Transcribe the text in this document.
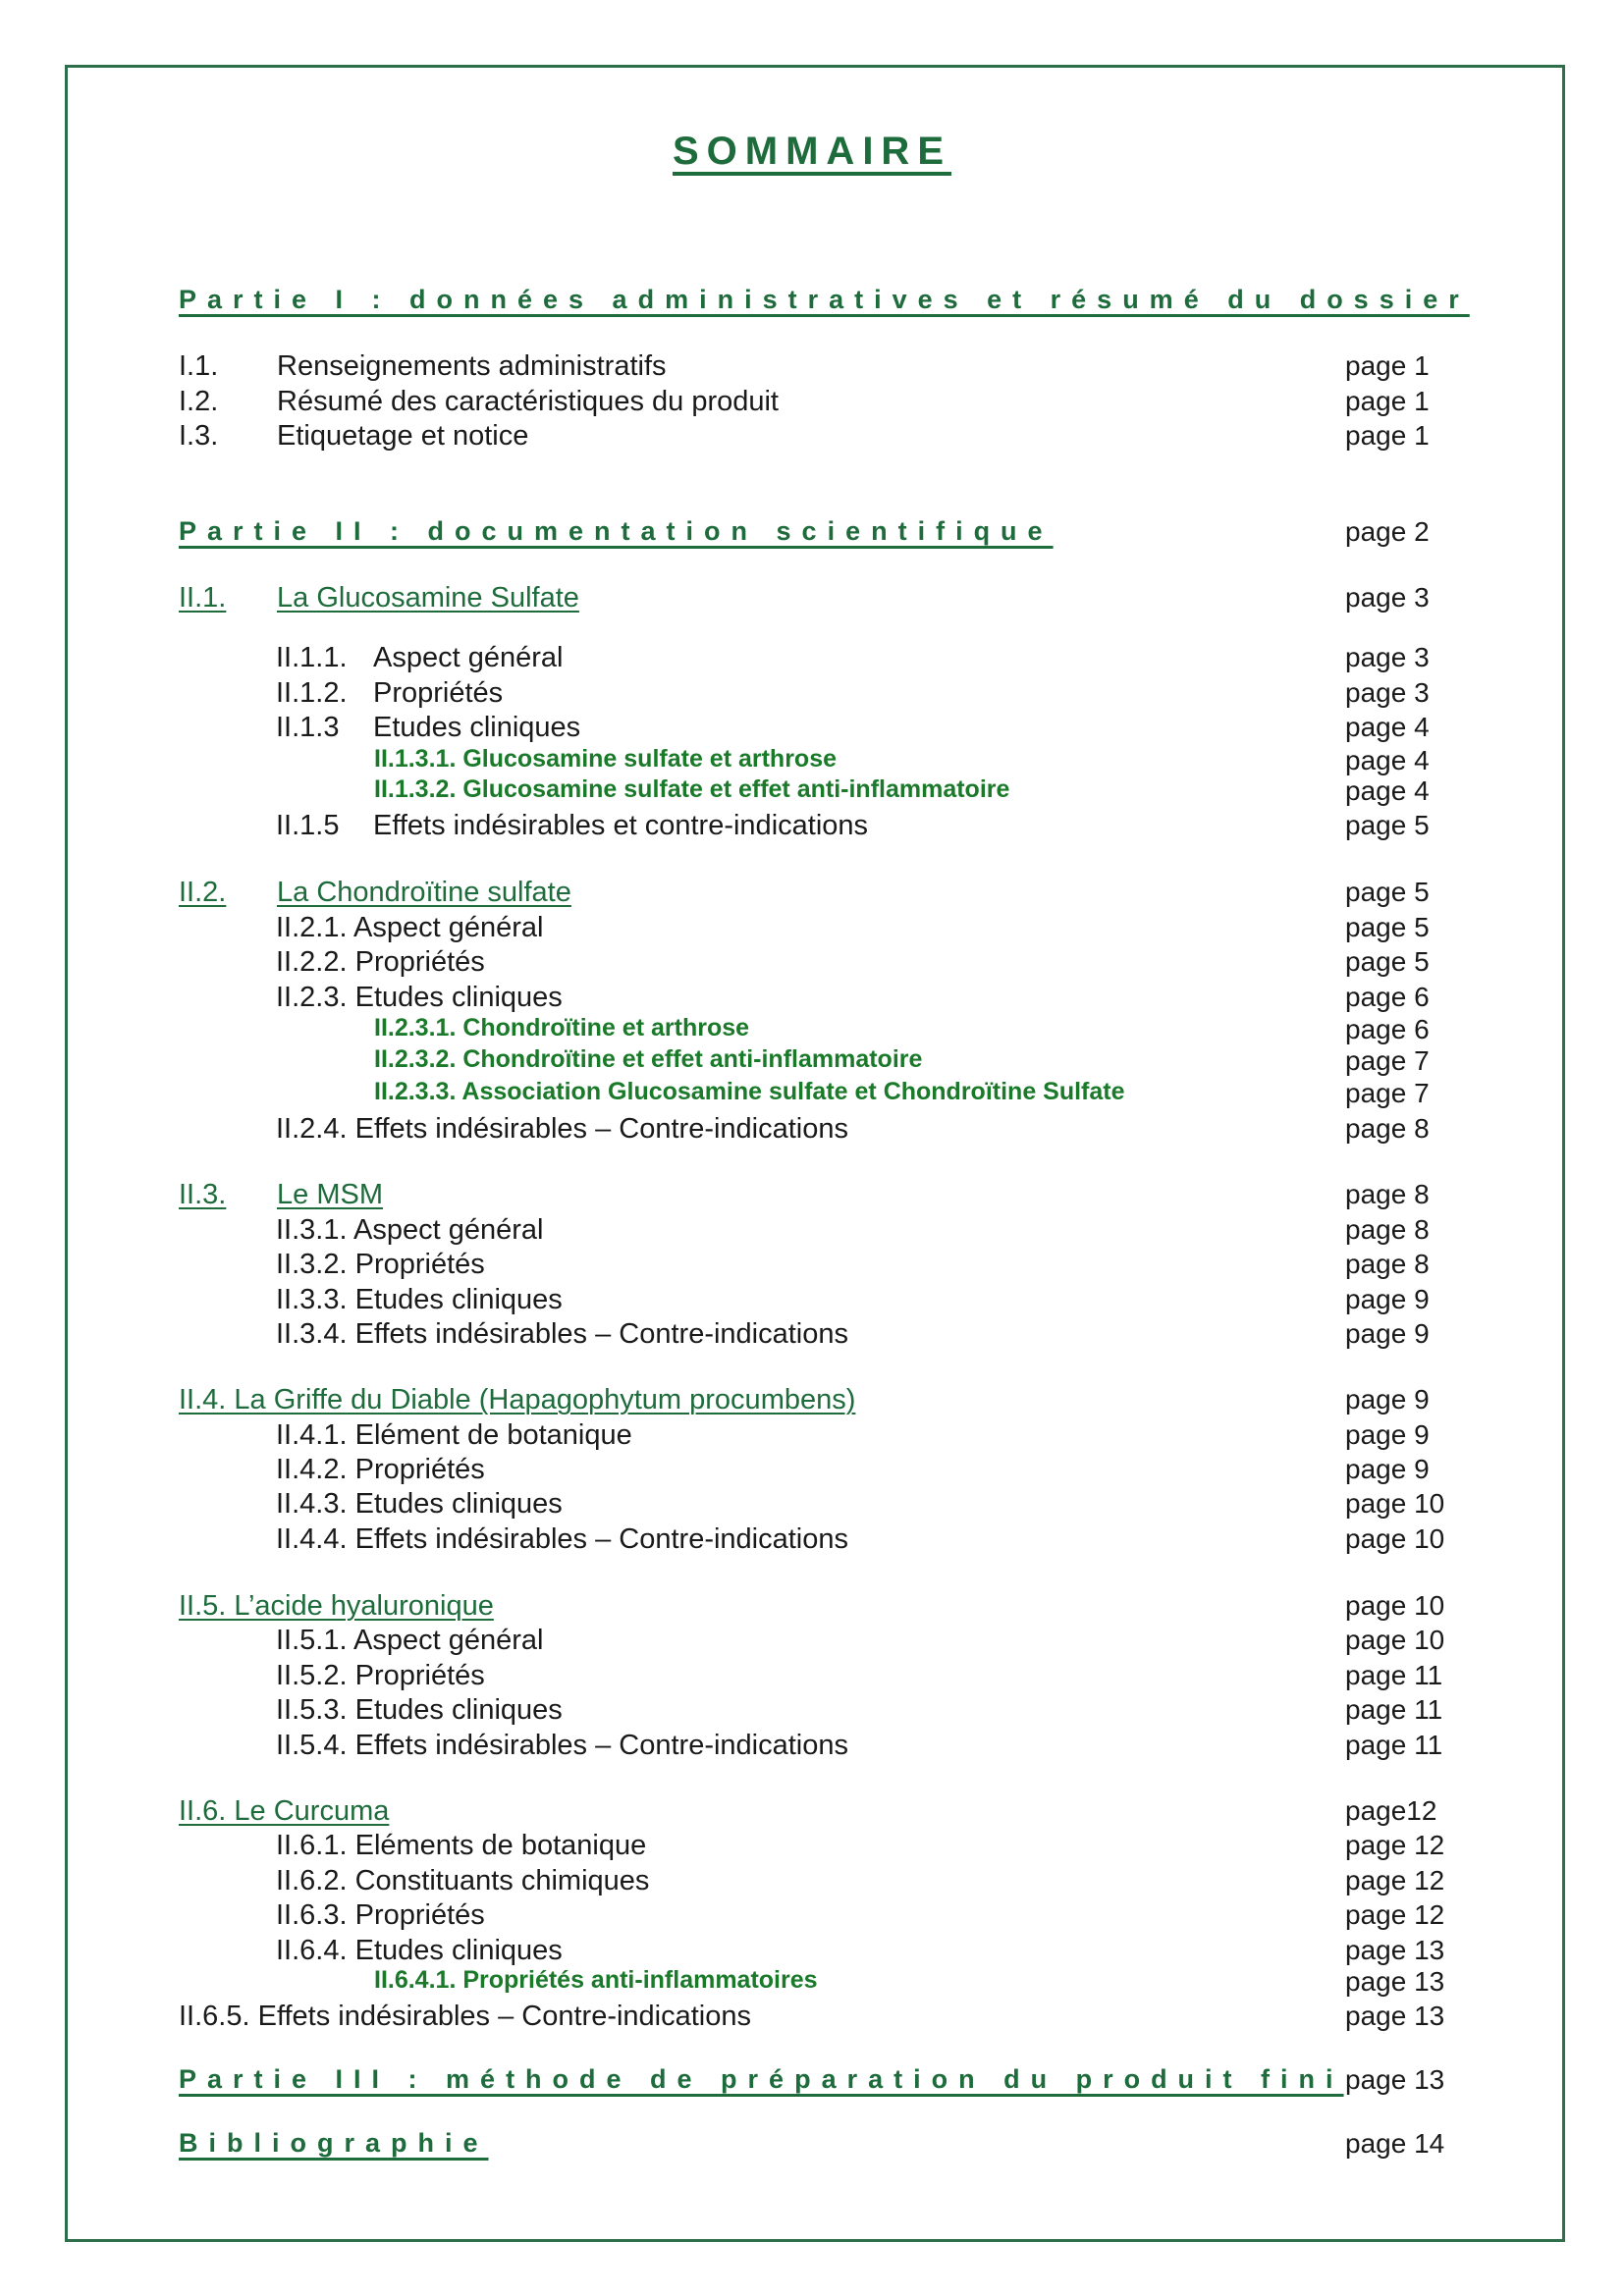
SOMMAIRE
Partie I : données administratives et résumé du dossier
I.1. Renseignements administratifs	page 1
I.2. Résumé des caractéristiques du produit	page 1
I.3. Etiquetage et notice	page 1
Partie II : documentation scientifique	page 2
II.1. La Glucosamine Sulfate	page 3
II.1.1. Aspect général	page 3
II.1.2. Propriétés	page 3
II.1.3 Etudes cliniques	page 4
II.1.3.1. Glucosamine sulfate et arthrose	page 4
II.1.3.2. Glucosamine sulfate et effet anti-inflammatoire	page 4
II.1.5 Effets indésirables et contre-indications	page 5
II.2. La Chondroïtine sulfate	page 5
II.2.1. Aspect général	page 5
II.2.2. Propriétés	page 5
II.2.3. Etudes cliniques	page 6
II.2.3.1. Chondroïtine et arthrose	page 6
II.2.3.2. Chondroïtine et effet anti-inflammatoire	page 7
II.2.3.3. Association Glucosamine sulfate et Chondroïtine Sulfate	page 7
II.2.4. Effets indésirables – Contre-indications	page 8
II.3. Le MSM	page 8
II.3.1. Aspect général	page 8
II.3.2. Propriétés	page 8
II.3.3. Etudes cliniques	page 9
II.3.4. Effets indésirables – Contre-indications	page 9
II.4. La Griffe du Diable (Hapagophytum procumbens)	page 9
II.4.1. Elément de botanique	page 9
II.4.2. Propriétés	page 9
II.4.3. Etudes cliniques	page 10
II.4.4. Effets indésirables – Contre-indications	page 10
II.5. L’acide hyaluronique	page 10
II.5.1. Aspect général	page 10
II.5.2. Propriétés	page 11
II.5.3. Etudes cliniques	page 11
II.5.4. Effets indésirables – Contre-indications	page 11
II.6. Le Curcuma	page12
II.6.1. Eléments de botanique	page 12
II.6.2. Constituants chimiques	page 12
II.6.3. Propriétés	page 12
II.6.4. Etudes cliniques	page 13
II.6.4.1. Propriétés anti-inflammatoires	page 13
II.6.5. Effets indésirables – Contre-indications	page 13
Partie III : méthode de préparation du produit fini page 13
Bibliographie	page 14
